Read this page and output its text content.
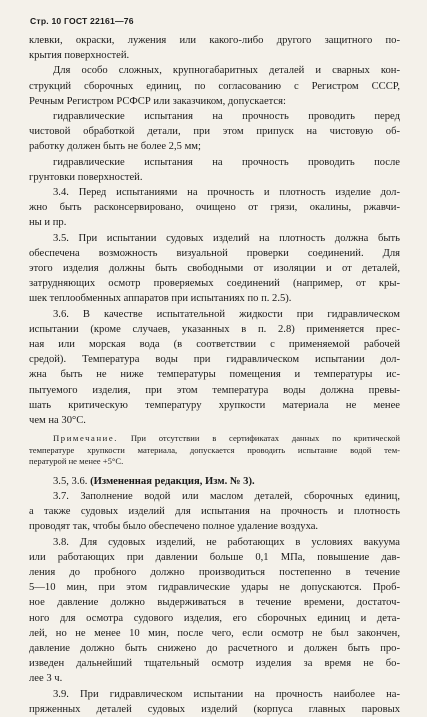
Стр. 10 ГОСТ 22161—76
клевки, окраски, лужения или какого-либо другого защитного по-
крытия поверхностей.
Для особо сложных, крупногабаритных деталей и сварных кон-
струкций сборочных единиц, по согласованию с Регистром СССР,
Речным Регистром РСФСР или заказчиком, допускается:
гидравлические испытания на прочность проводить перед
чистовой обработкой детали, при этом припуск на чистовую об-
работку должен быть не более 2,5 мм;
гидравлические испытания на прочность проводить после
грунтовки поверхностей.
3.4. Перед испытаниями на прочность и плотность изделие дол-
жно быть расконсервировано, очищено от грязи, окалины, ржавчи-
ны и пр.
3.5. При испытании судовых изделий на плотность должна быть
обеспечена возможность визуальной проверки соединений. Для
этого изделия должны быть свободными от изоляции и от деталей,
затрудняющих осмотр проверяемых соединений (например, от кры-
шек теплообменных аппаратов при испытаниях по п. 2.5).
3.6. В качестве испытательной жидкости при гидравлическом
испытании (кроме случаев, указанных в п. 2.8) применяется прес-
ная или морская вода (в соответствии с применяемой рабочей
средой). Температура воды при гидравлическом испытании дол-
жна быть не ниже температуры помещения и температуры ис-
пытуемого изделия, при этом температура воды должна превы-
шать критическую температуру хрупкости материала не менее
чем на 30°С.
Примечание. При отсутствии в сертификатах данных по критической
температуре хрупкости материала, допускается проводить испытание водой тем-
пературой не менее +5°С.
3.5, 3.6. (Измененная редакция, Изм. № 3).
3.7. Заполнение водой или маслом деталей, сборочных единиц,
а также судовых изделий для испытания на прочность и плотность
проводят так, чтобы было обеспечено полное удаление воздуха.
3.8. Для судовых изделий, не работающих в условиях вакуума
или работающих при давлении больше 0,1 МПа, повышение дав-
ления до пробного должно производиться постепенно в течение
5—10 мин, при этом гидравлические удары не допускаются. Проб-
ное давление должно выдерживаться в течение времени, достаточ-
ного для осмотра судового изделия, его сборочных единиц и дета-
лей, но не менее 10 мин, после чего, если осмотр не был закончен,
давление должно быть снижено до расчетного и должен быть про-
изведен дальнейший тщательный осмотр изделия за время не бо-
лее 3 ч.
3.9. При гидравлическом испытании на прочность наиболее на-
пряженных деталей судовых изделий (корпуса главных паровых
